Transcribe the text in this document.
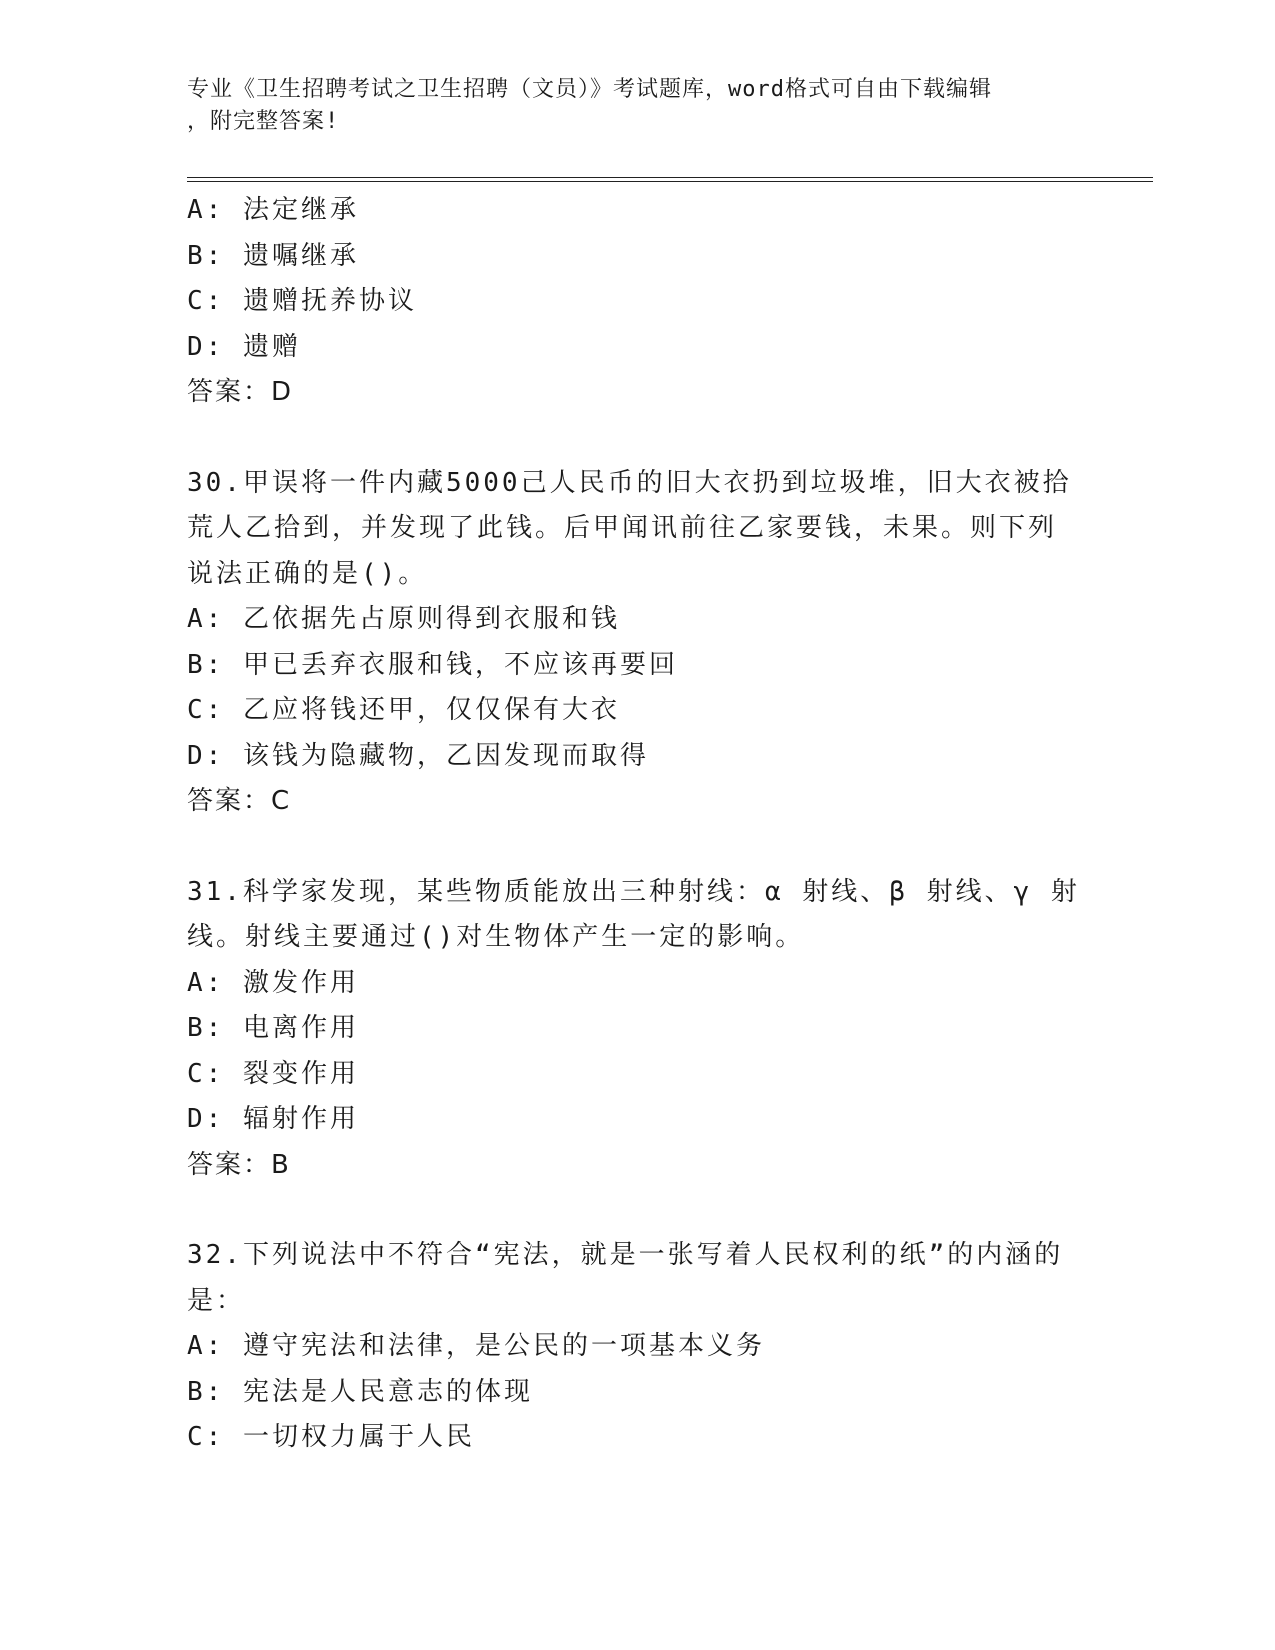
专业《卫生招聘考试之卫生招聘（文员）》考试题库，word格式可自由下载编辑
，附完整答案!
A: 法定继承
B: 遗嘱继承
C: 遗赠抚养协议
D: 遗赠
答案：D
30.甲误将一件内藏5000己人民币的旧大衣扔到垃圾堆，旧大衣被拾
荒人乙拾到，并发现了此钱。后甲闻讯前往乙家要钱，未果。则下列
说法正确的是()。
A: 乙依据先占原则得到衣服和钱
B: 甲已丢弃衣服和钱，不应该再要回
C: 乙应将钱还甲，仅仅保有大衣
D: 该钱为隐藏物，乙因发现而取得
答案：C
31.科学家发现，某些物质能放出三种射线：α 射线、β 射线、γ 射
线。射线主要通过()对生物体产生一定的影响。
A: 激发作用
B: 电离作用
C: 裂变作用
D: 辐射作用
答案：B
32.下列说法中不符合“宪法，就是一张写着人民权利的纸”的内涵的
是：
A: 遵守宪法和法律，是公民的一项基本义务
B: 宪法是人民意志的体现
C: 一切权力属于人民
